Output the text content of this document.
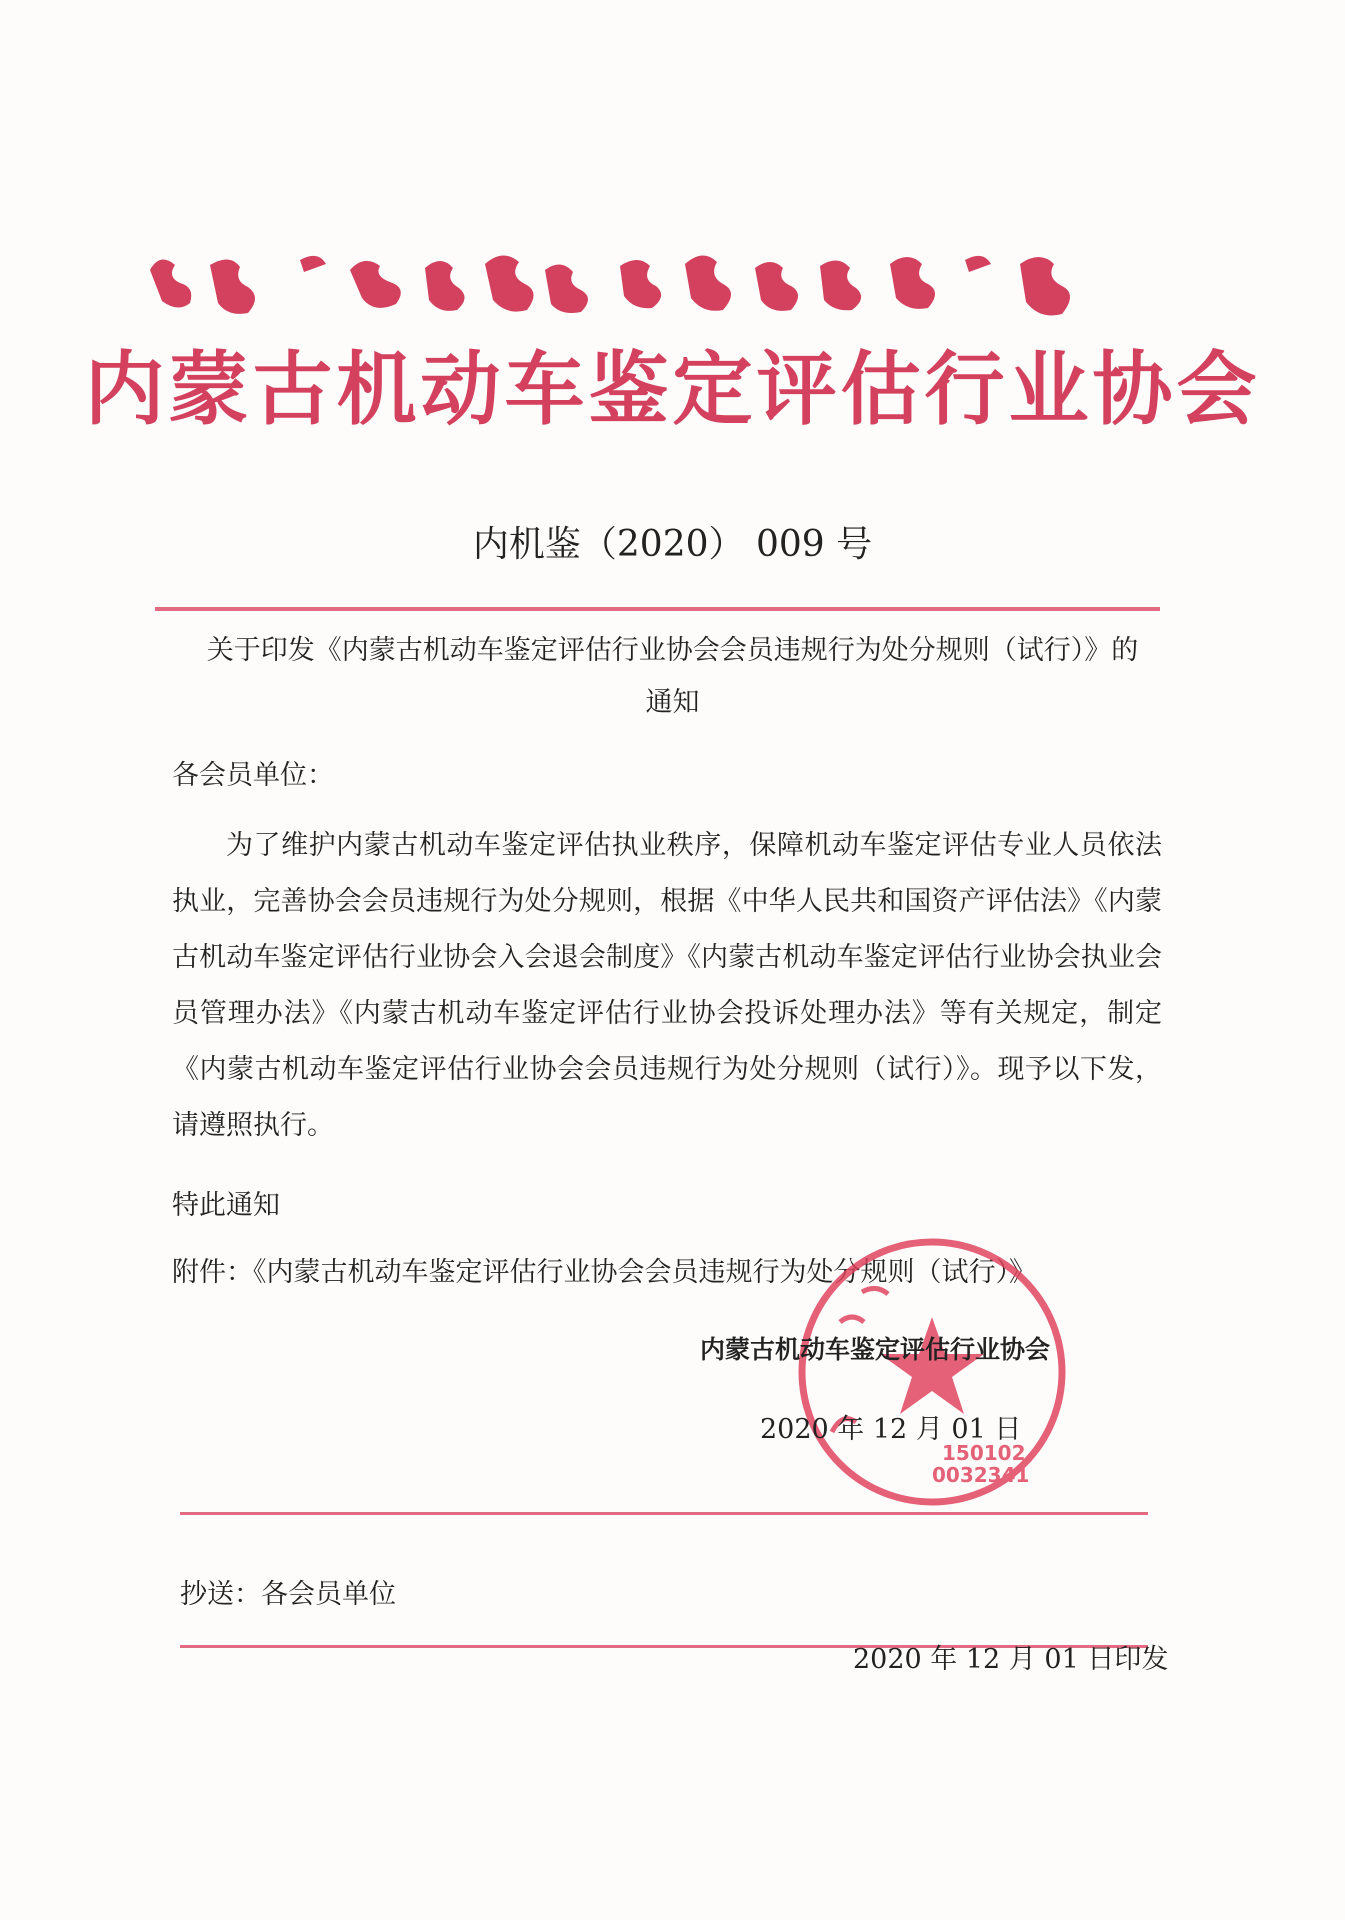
内蒙古机动车鉴定评估行业协会
内机鉴（2020） 009 号
关于印发《内蒙古机动车鉴定评估行业协会会员违规行为处分规则（试行）》的
通知
各会员单位：
为了维护内蒙古机动车鉴定评估执业秩序，保障机动车鉴定评估专业人员依法执业，完善协会会员违规行为处分规则，根据《中华人民共和国资产评估法》《内蒙古机动车鉴定评估行业协会入会退会制度》《内蒙古机动车鉴定评估行业协会执业会员管理办法》《内蒙古机动车鉴定评估行业协会投诉处理办法》等有关规定，制定《内蒙古机动车鉴定评估行业协会会员违规行为处分规则（试行）》。现予以下发，请遵照执行。
特此通知
附件：《内蒙古机动车鉴定评估行业协会会员违规行为处分规则（试行）》
150102
0032341
内蒙古机动车鉴定评估行业协会
2020 年 12 月 01 日
抄送：各会员单位
2020 年 12 月 01 日印发
